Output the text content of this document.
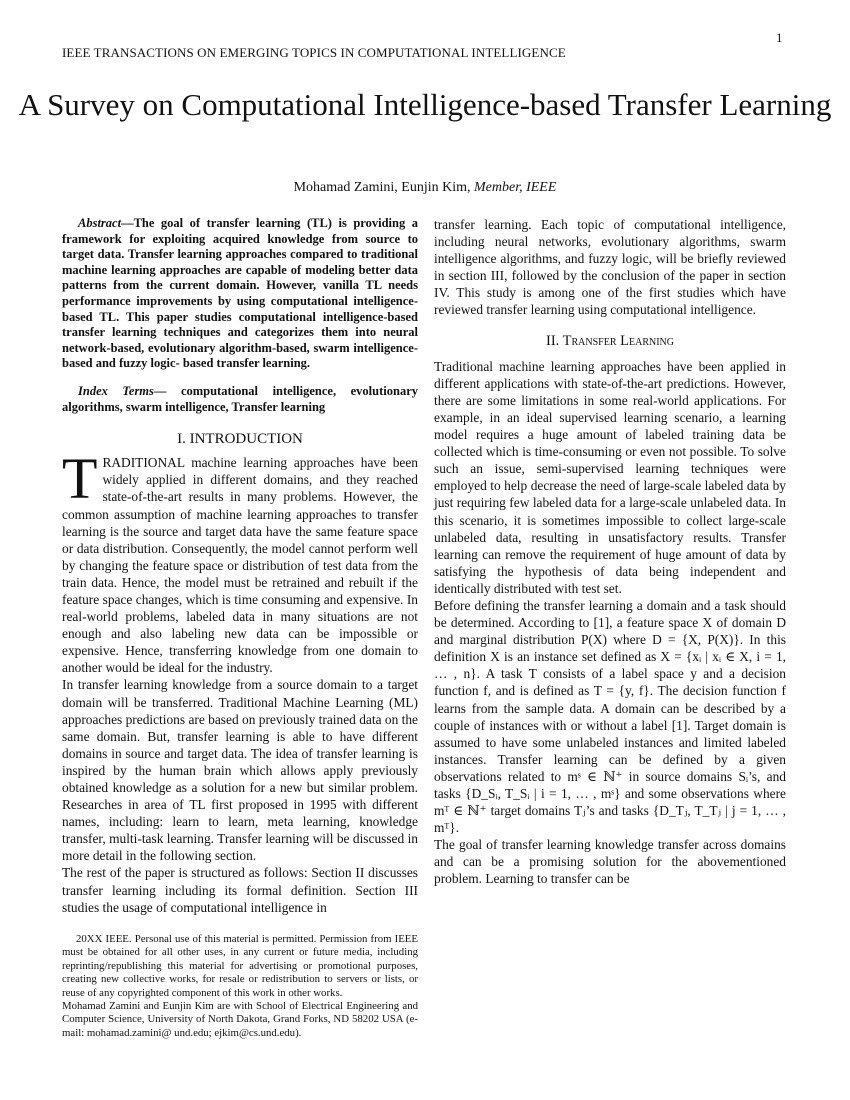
IEEE TRANSACTIONS ON EMERGING TOPICS IN COMPUTATIONAL INTELLIGENCE
1
A Survey on Computational Intelligence-based Transfer Learning
Mohamad Zamini, Eunjin Kim, Member, IEEE

Abstract—The goal of transfer learning (TL) is providing a framework for exploiting acquired knowledge from source to target data. Transfer learning approaches compared to traditional machine learning approaches are capable of modeling better data patterns from the current domain. However, vanilla TL needs performance improvements by using computational intelligence-based TL. This paper studies computational intelligence-based transfer learning techniques and categorizes them into neural network-based, evolutionary algorithm-based, swarm intelligence-based and fuzzy logic- based transfer learning.

Index Terms— computational intelligence, evolutionary algorithms, swarm intelligence, Transfer learning

I. INTRODUCTION

TRADITIONAL machine learning approaches have been widely applied in different domains, and they reached state-of-the-art results in many problems. However, the common assumption of machine learning approaches to transfer learning is the source and target data have the same feature space or data distribution. Consequently, the model cannot perform well by changing the feature space or distribution of test data from the train data. Hence, the model must be retrained and rebuilt if the feature space changes, which is time consuming and expensive. In real-world problems, labeled data in many situations are not enough and also labeling new data can be impossible or expensive. Hence, transferring knowledge from one domain to another would be ideal for the industry.

In transfer learning knowledge from a source domain to a target domain will be transferred. Traditional Machine Learning (ML) approaches predictions are based on previously trained data on the same domain. But, transfer learning is able to have different domains in source and target data. The idea of transfer learning is inspired by the human brain which allows apply previously obtained knowledge as a solution for a new but similar problem. Researches in area of TL first proposed in 1995 with different names, including: learn to learn, meta learning, knowledge transfer, multi-task learning. Transfer learning will be discussed in more detail in the following section.

The rest of the paper is structured as follows: Section II discusses transfer learning including its formal definition. Section III studies the usage of computational intelligence in

transfer learning. Each topic of computational intelligence, including neural networks, evolutionary algorithms, swarm intelligence algorithms, and fuzzy logic, will be briefly reviewed in section III, followed by the conclusion of the paper in section IV. This study is among one of the first studies which have reviewed transfer learning using computational intelligence.

II. Transfer Learning

Traditional machine learning approaches have been applied in different applications with state-of-the-art predictions. However, there are some limitations in some real-world applications. For example, in an ideal supervised learning scenario, a learning model requires a huge amount of labeled training data be collected which is time-consuming or even not possible. To solve such an issue, semi-supervised learning techniques were employed to help decrease the need of large-scale labeled data by just requiring few labeled data for a large-scale unlabeled data. In this scenario, it is sometimes impossible to collect large-scale unlabeled data, resulting in unsatisfactory results. Transfer learning can remove the requirement of huge amount of data by satisfying the hypothesis of data being independent and identically distributed with test set.

Before defining the transfer learning a domain and a task should be determined. According to [1], a feature space X of domain D and marginal distribution P(X) where D = {X, P(X)}. In this definition X is an instance set defined as X = {xᵢ | xᵢ ∈ X, i = 1, … , n}. A task T consists of a label space y and a decision function f, and is defined as T = {y, f}. The decision function f learns from the sample data. A domain can be described by a couple of instances with or without a label [1]. Target domain is assumed to have some unlabeled instances and limited labeled instances. Transfer learning can be defined by a given observations related to mˢ ∈ ℕ⁺ in source domains Sᵢ’s, and tasks {D_Sᵢ, T_Sᵢ | i = 1, … , mˢ} and some observations where mᵀ ∈ ℕ⁺ target domains Tⱼ’s and tasks {D_Tⱼ, T_Tⱼ | j = 1, … , mᵀ}.

The goal of transfer learning knowledge transfer across domains and can be a promising solution for the abovementioned problem. Learning to transfer can be

20XX IEEE. Personal use of this material is permitted. Permission from IEEE must be obtained for all other uses, in any current or future media, including reprinting/republishing this material for advertising or promotional purposes, creating new collective works, for resale or redistribution to servers or lists, or reuse of any copyrighted component of this work in other works.

Mohamad Zamini and Eunjin Kim are with School of Electrical Engineering and Computer Science, University of North Dakota, Grand Forks, ND 58202 USA (e-mail: mohamad.zamini@ und.edu; ejkim@cs.und.edu).
